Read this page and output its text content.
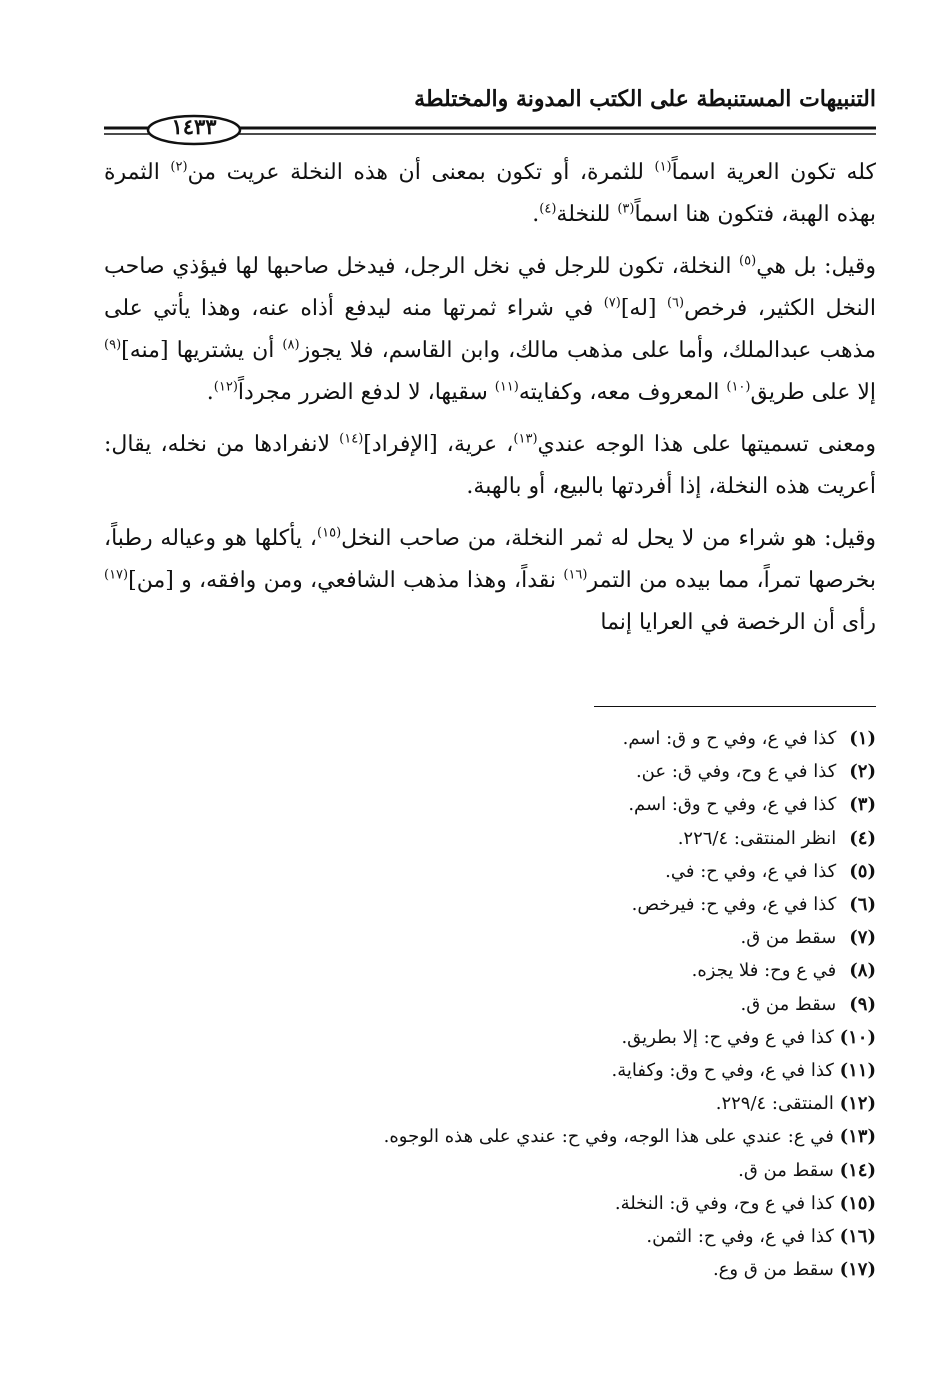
التنبيهات المستنبطة على الكتب المدونة والمختلطة
١٤٣٣

كله تكون العرية اسماً$^{(١)}$ للثمرة، أو تكون بمعنى أن هذه النخلة عريت من$^{(٢)}$ الثمرة بهذه الهبة، فتكون هنا اسماً$^{(٣)}$ للنخلة$^{(٤)}$.

وقيل: بل هي$^{(٥)}$ النخلة، تكون للرجل في نخل الرجل، فيدخل صاحبها لها فيؤذي صاحب النخل الكثير، فرخص$^{(٦)}$ [له]$^{(٧)}$ في شراء ثمرتها منه ليدفع أذاه عنه، وهذا يأتي على مذهب عبدالملك، وأما على مذهب مالك، وابن القاسم، فلا يجوز$^{(٨)}$ أن يشتريها [منه]$^{(٩)}$ إلا على طريق$^{(١٠)}$ المعروف معه، وكفايته$^{(١١)}$ سقيها، لا لدفع الضرر مجرداً$^{(١٢)}$.

ومعنى تسميتها على هذا الوجه عندي$^{(١٣)}$، عرية، [الإفراد]$^{(١٤)}$ لانفرادها من نخله، يقال: أعريت هذه النخلة، إذا أفردتها بالبيع، أو بالهبة.

وقيل: هو شراء من لا يحل له ثمر النخلة، من صاحب النخل$^{(١٥)}$، يأكلها هو وعياله رطباً، بخرصها تمراً، مما بيده من التمر$^{(١٦)}$ نقداً، وهذا مذهب الشافعي، ومن وافقه، و [من]$^{(١٧)}$ رأى أن الرخصة في العرايا إنما

(١) كذا في ع، وفي ح و ق: اسم.
(٢) كذا في ع وح، وفي ق: عن.
(٣) كذا في ع، وفي ح وق: اسم.
(٤) انظر المنتقى: ٢٢٦/٤.
(٥) كذا في ع، وفي ح: في.
(٦) كذا في ع، وفي ح: فيرخص.
(٧) سقط من ق.
(٨) في ع وح: فلا يجزه.
(٩) سقط من ق.
(١٠) كذا في ع وفي ح: إلا بطريق.
(١١) كذا في ع، وفي ح وق: وكفاية.
(١٢) المنتقى: ٢٢٩/٤.
(١٣) في ع: عندي على هذا الوجه، وفي ح: عندي على هذه الوجوه.
(١٤) سقط من ق.
(١٥) كذا في ع وح، وفي ق: النخلة.
(١٦) كذا في ع، وفي ح: الثمن.
(١٧) سقط من ق وع.
